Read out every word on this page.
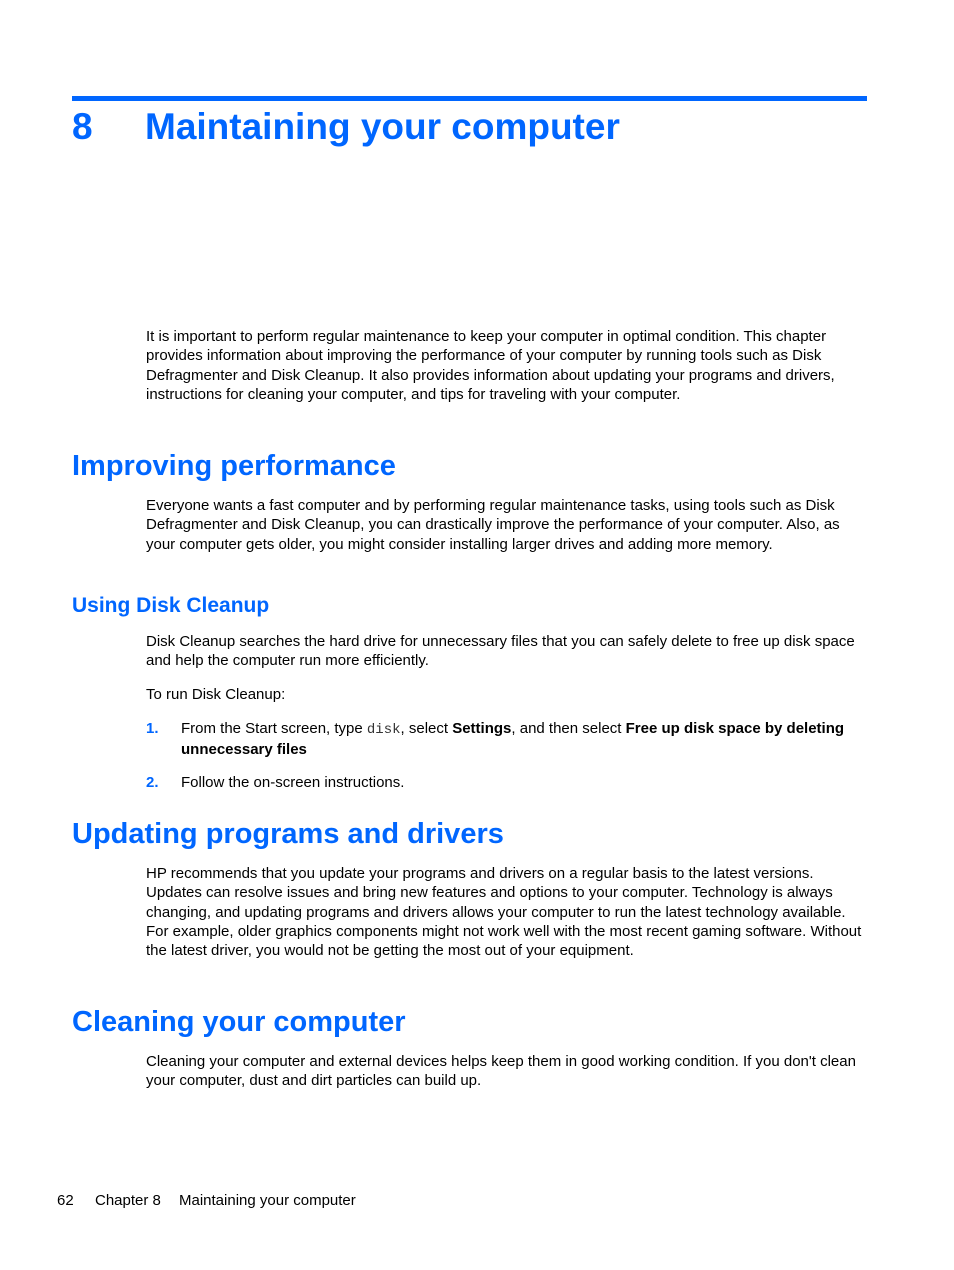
8 Maintaining your computer

It is important to perform regular maintenance to keep your computer in optimal condition. This chapter provides information about improving the performance of your computer by running tools such as Disk Defragmenter and Disk Cleanup. It also provides information about updating your programs and drivers, instructions for cleaning your computer, and tips for traveling with your computer.

Improving performance

Everyone wants a fast computer and by performing regular maintenance tasks, using tools such as Disk Defragmenter and Disk Cleanup, you can drastically improve the performance of your computer. Also, as your computer gets older, you might consider installing larger drives and adding more memory.

Using Disk Cleanup

Disk Cleanup searches the hard drive for unnecessary files that you can safely delete to free up disk space and help the computer run more efficiently.

To run Disk Cleanup:

1. From the Start screen, type disk, select Settings, and then select Free up disk space by deleting unnecessary files
2. Follow the on-screen instructions.
Updating programs and drivers

HP recommends that you update your programs and drivers on a regular basis to the latest versions. Updates can resolve issues and bring new features and options to your computer. Technology is always changing, and updating programs and drivers allows your computer to run the latest technology available. For example, older graphics components might not work well with the most recent gaming software. Without the latest driver, you would not be getting the most out of your equipment.

Cleaning your computer

Cleaning your computer and external devices helps keep them in good working condition. If you don't clean your computer, dust and dirt particles can build up.

62 Chapter 8 Maintaining your computer
